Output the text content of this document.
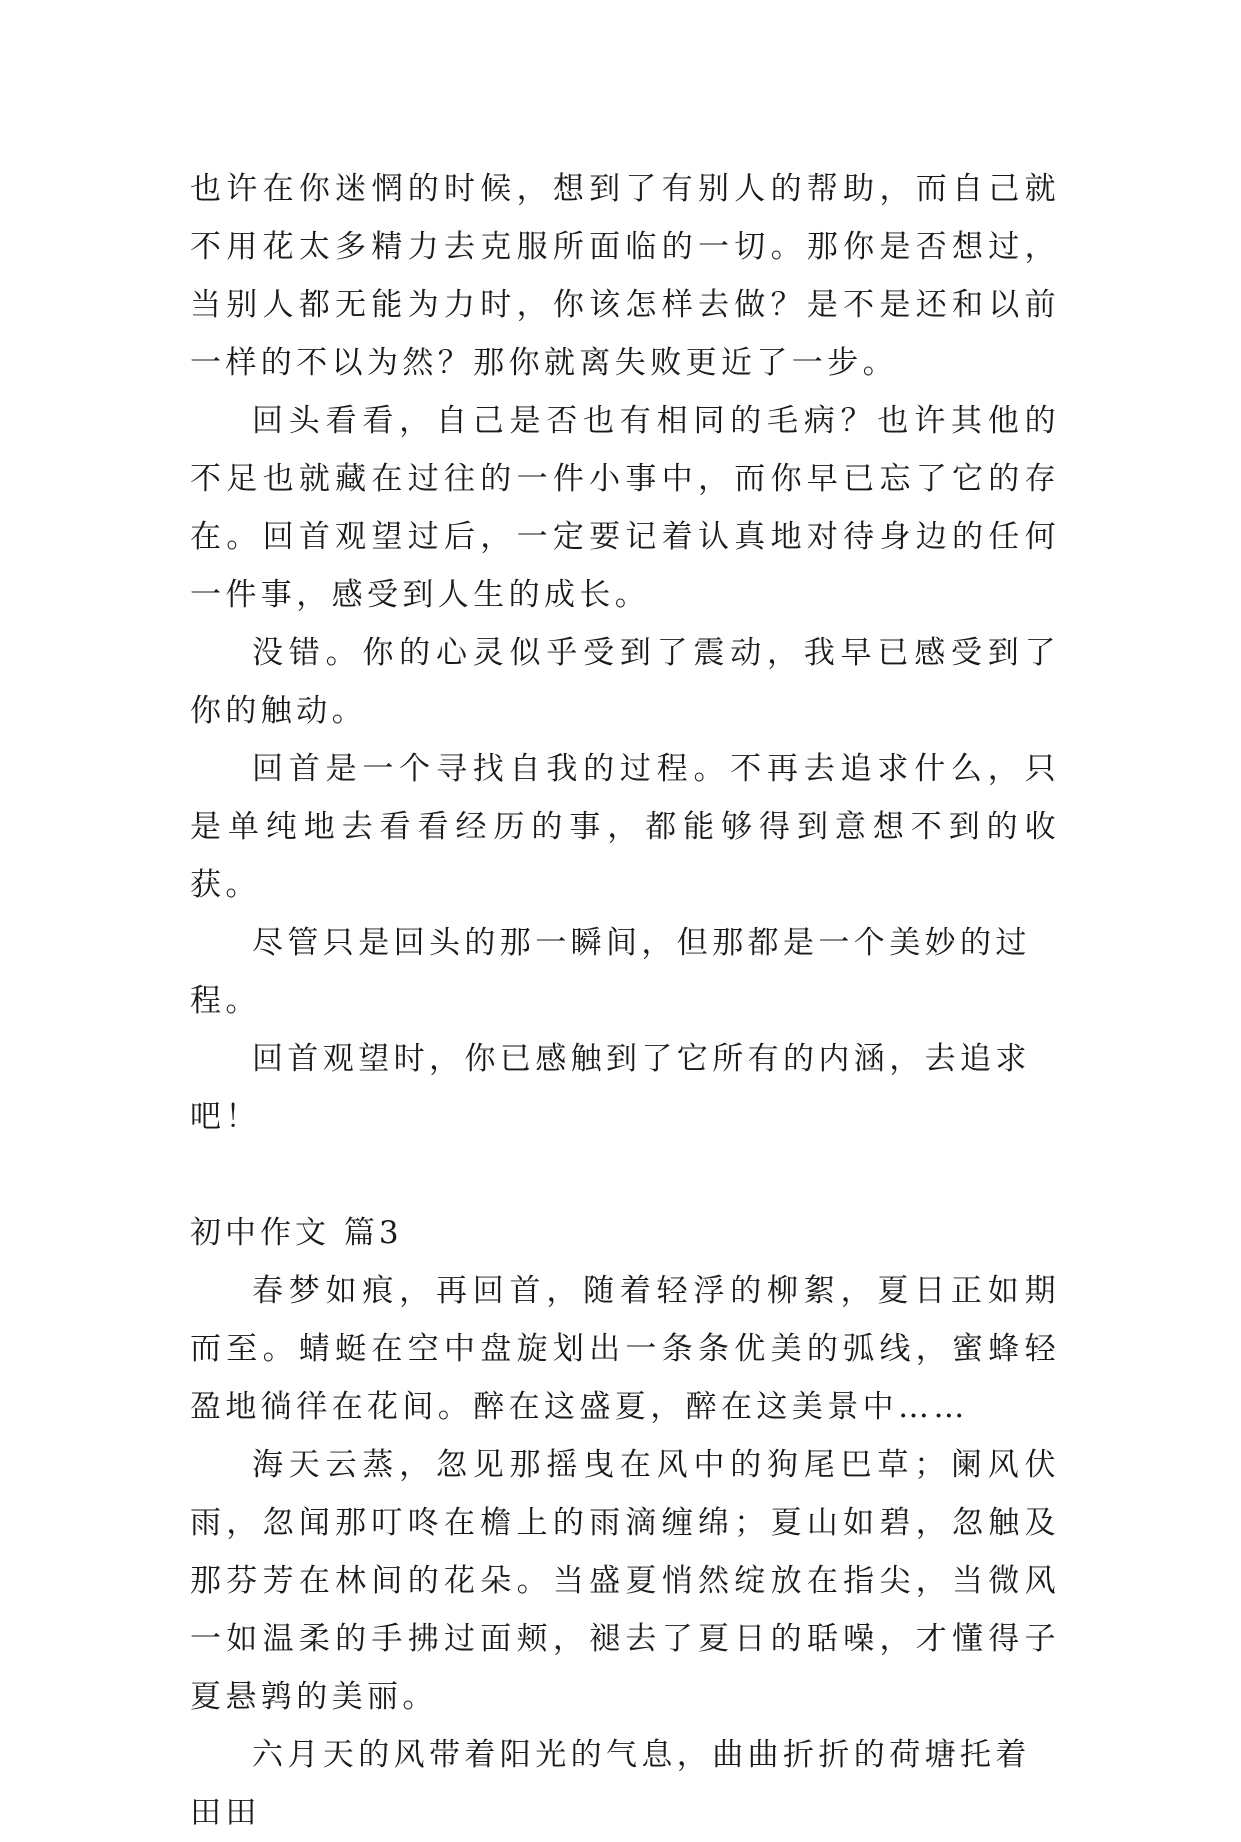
也许在你迷惘的时候，想到了有别人的帮助，而自己就不用花太多精力去克服所面临的一切。那你是否想过，当别人都无能为力时，你该怎样去做？是不是还和以前一样的不以为然？那你就离失败更近了一步。

回头看看，自己是否也有相同的毛病？也许其他的不足也就藏在过往的一件小事中，而你早已忘了它的存在。回首观望过后，一定要记着认真地对待身边的任何一件事，感受到人生的成长。

没错。你的心灵似乎受到了震动，我早已感受到了你的触动。

回首是一个寻找自我的过程。不再去追求什么，只是单纯地去看看经历的事，都能够得到意想不到的收获。

尽管只是回头的那一瞬间，但那都是一个美妙的过程。

回首观望时，你已感触到了它所有的内涵，去追求吧！

初中作文 篇3

春梦如痕，再回首，随着轻浮的柳絮，夏日正如期而至。蜻蜓在空中盘旋划出一条条优美的弧线，蜜蜂轻盈地徜徉在花间。醉在这盛夏，醉在这美景中……

海天云蒸，忽见那摇曳在风中的狗尾巴草；阑风伏雨，忽闻那叮咚在檐上的雨滴缠绵；夏山如碧，忽触及那芬芳在林间的花朵。当盛夏悄然绽放在指尖，当微风一如温柔的手拂过面颊，褪去了夏日的聒噪，才懂得子夏悬鹑的美丽。

六月天的风带着阳光的气息，曲曲折折的荷塘托着田田
